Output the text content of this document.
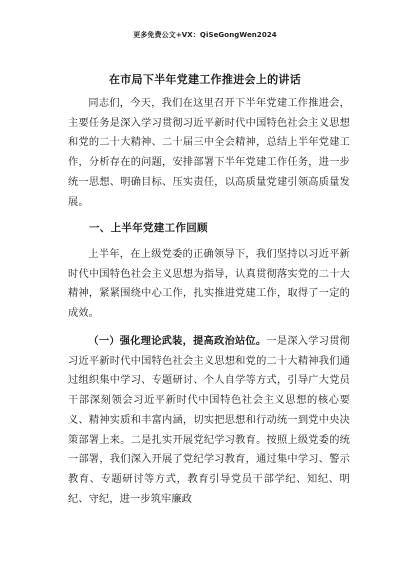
更多免费公文+VX：QiSeGongWen2024
在市局下半年党建工作推进会上的讲话

同志们，今天，我们在这里召开下半年党建工作推进会，主要任务是深入学习贯彻习近平新时代中国特色社会主义思想和党的二十大精神、二十届三中全会精神，总结上半年党建工作，分析存在的问题，安排部署下半年党建工作任务，进一步统一思想、明确目标、压实责任，以高质量党建引领高质量发展。

一、上半年党建工作回顾

上半年，在上级党委的正确领导下，我们坚持以习近平新时代中国特色社会主义思想为指导，认真贯彻落实党的二十大精神，紧紧围绕中心工作，扎实推进党建工作，取得了一定的成效。

（一）强化理论武装，提高政治站位。一是深入学习贯彻习近平新时代中国特色社会主义思想和党的二十大精神我们通过组织集中学习、专题研讨、个人自学等方式，引导广大党员干部深刻领会习近平新时代中国特色社会主义思想的核心要义、精神实质和丰富内涵，切实把思想和行动统一到党中央决策部署上来。二是扎实开展党纪学习教育。按照上级党委的统一部署，我们深入开展了党纪学习教育，通过集中学习、警示教育、专题研讨等方式，教育引导党员干部学纪、知纪、明纪、守纪，进一步筑牢廉政
